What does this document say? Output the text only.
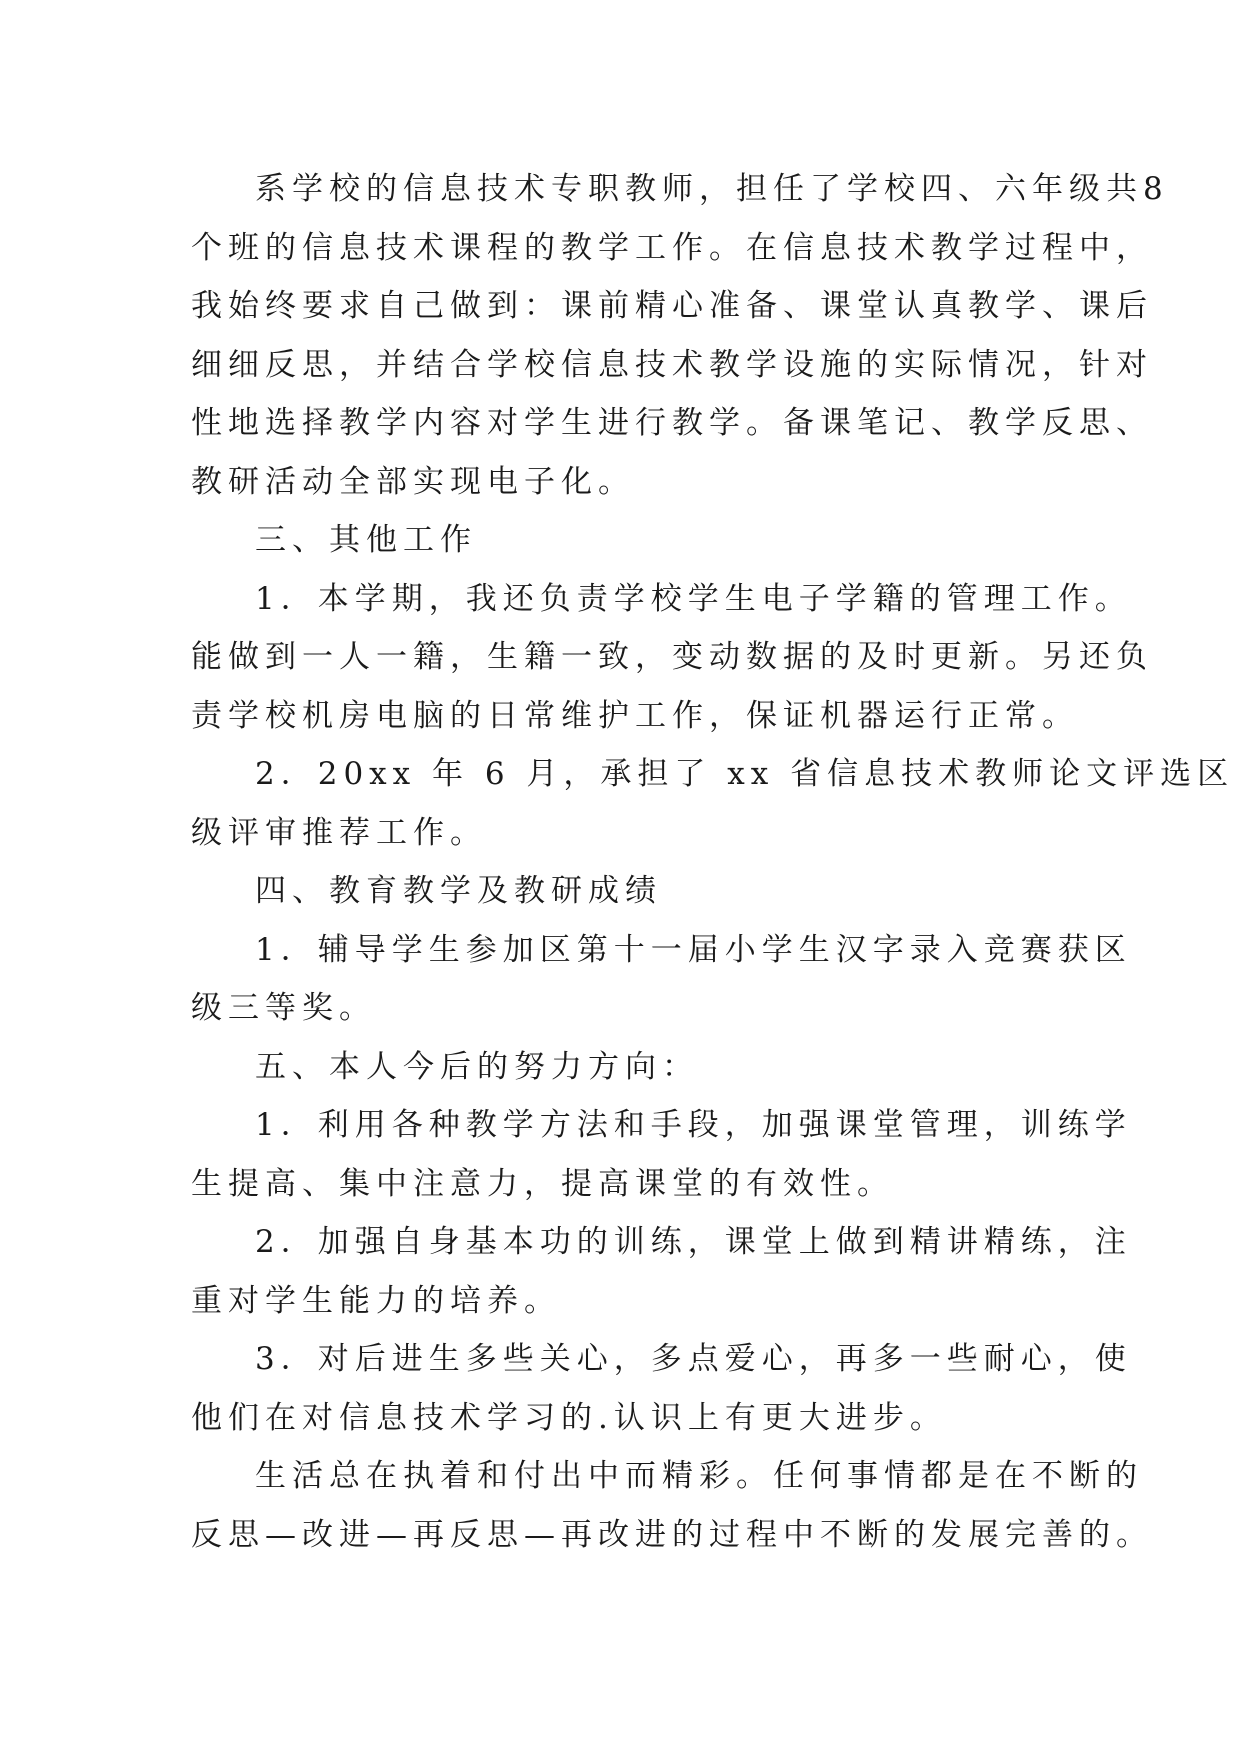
系学校的信息技术专职教师，担任了学校四、六年级共8
个班的信息技术课程的教学工作。在信息技术教学过程中，
我始终要求自己做到：课前精心准备、课堂认真教学、课后
细细反思，并结合学校信息技术教学设施的实际情况，针对
性地选择教学内容对学生进行教学。备课笔记、教学反思、
教研活动全部实现电子化。
三、其他工作
1．本学期，我还负责学校学生电子学籍的管理工作。
能做到一人一籍，生籍一致，变动数据的及时更新。另还负
责学校机房电脑的日常维护工作，保证机器运行正常。
2．20xx 年 6 月，承担了 xx 省信息技术教师论文评选区
级评审推荐工作。
四、教育教学及教研成绩
1．辅导学生参加区第十一届小学生汉字录入竞赛获区
级三等奖。
五、本人今后的努力方向：
1．利用各种教学方法和手段，加强课堂管理，训练学
生提高、集中注意力，提高课堂的有效性。
2．加强自身基本功的训练，课堂上做到精讲精练，注
重对学生能力的培养。
3．对后进生多些关心，多点爱心，再多一些耐心，使
他们在对信息技术学习的.认识上有更大进步。
生活总在执着和付出中而精彩。任何事情都是在不断的
反思—改进—再反思—再改进的过程中不断的发展完善的。
